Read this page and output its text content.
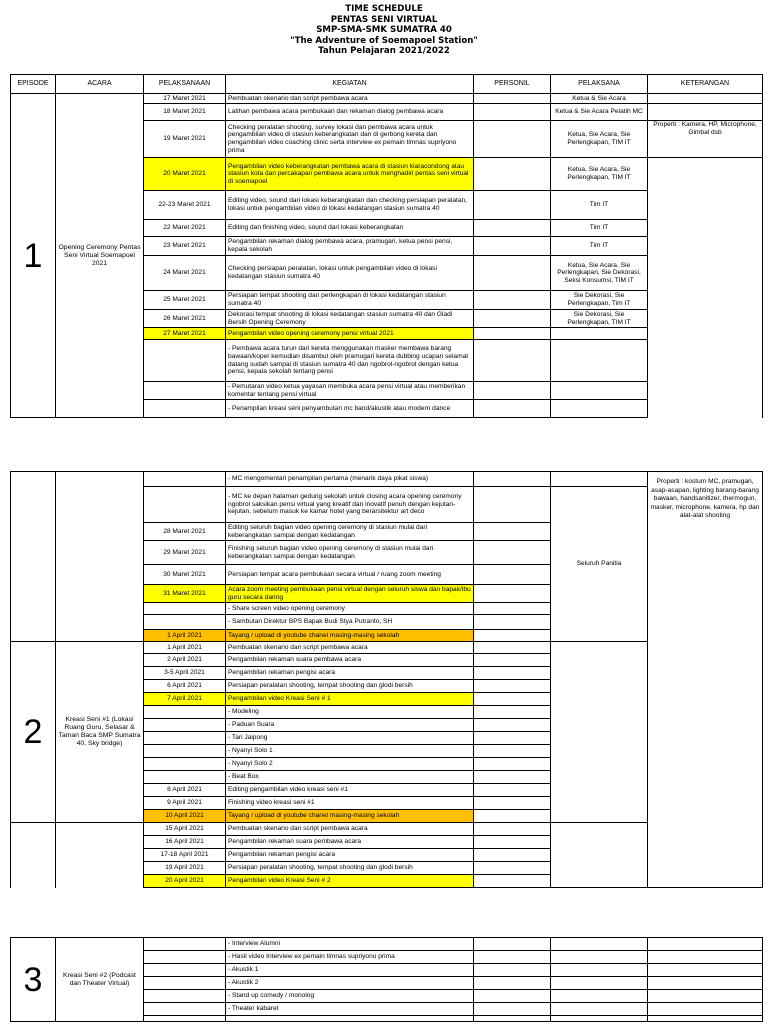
TIME SCHEDULE
PENTAS SENI VIRTUAL
SMP-SMA-SMK SUMATRA 40
"The Adventure of Soemapoel Station"
Tahun Pelajaran 2021/2022
EPISODE	ACARA	PELAKSANAAN	KEGIATAN	PERSONIL	PELAKSANA	KETERANGAN
1	Opening Ceremony Pentas Seni Virtual Soemapoel 2021	17 Maret 2021	Pembuatan skenario dan script pembawa acara		Ketua & Sie Acara	
		18 Maret 2021	Latihan pembawa acara pembukaan dan rekaman dialog pembawa acara		Ketua & Sie Acara Pelatih MC	
		19 Maret 2021	Checking peralatan shooting, survey lokasi dan pembawa acara untuk pengambilan video di stasiun keberangkatan dan di gerbong kereta dan pengambilan video coaching clinic serta interview ex pemain timnas supriyono prima		Ketua, Sie Acara, Sie Perlengkapan, TIM IT	Properti : Kamera, HP, Microphone, Gimbal dsb
		20 Maret 2021	Pengambilan video keberangkatan pembawa acara di stasiun kiaracondong atau stasiun kota dan percakapan pembawa acara untuk menghadiri pentas seni virtual di soemapoel		Ketua, Sie Acara, Sie Perlengkapan, TIM IT	
		22-23 Maret 2021	Editing video, sound dari lokasi keberangkatan dan checking persiapan peralatan, lokasi untuk pengambilan video di lokasi kedatangan stasiun sumatra 40		Tim IT	
		22 Maret 2021	Editing dan finishing video, sound dari lokasi keberangkatan		Tim IT	
		23 Maret 2021	Pengambilan rekaman dialog pembawa acara, pramugari, ketua pensi pensi, kepala sekolah		Tim IT	
		24 Maret 2021	Checking persiapan peralatan, lokasi untuk pengambilan video di lokasi kedatangan stasiun sumatra 40		Ketua, Sie Acara, Sie Perlengkapan, Sie Dekorasi, Seksi Konsumsi, TIM IT	
		25 Maret 2021	Persiapan tempat shooting dan perlengkapan di lokasi kedatangan stasiun sumatra 40		Sie Dekorasi, Sie Perlengkapan, Tim IT	
		26 Maret 2021	Dekorasi tempat shooting di lokasi kedatangan stasiun sumatra 40 dan Gladi Bersih Opening Ceremony		Sie Dekorasi, Sie Perlengkapan, TIM IT	
		27 Maret 2021	Pengambilan video opening ceremony pensi virtual 2021			
			- Pembawa acara turun dari kereta menggunakan masker membawa barang bawaan/koper kemudian disambut oleh pramugari kereta dubbing ucapan selamat datang sudah sampai di stasiun sumatra 40 dan ngobrol-ngobrol dengan ketua pensi, kepala sekolah tentang pensi			
			- Pemutaran video ketua yayasan membuka acara pensi virtual atau memberikan komentar tentang pensi virtual			
			- Penampilan kreasi seni penyambutan mc band/akustik atau modern dance			
			- MC mengomentari penampilan pertama (menarik daya pikat siswa)			Properti : kostum MC, pramugari, asap-asapan, lighting barang-barang bawaan, handsanitizer, thermogun, masker, microphone, kamera, hp dan alat-alat shooting
			- MC ke depan halaman gedung sekolah untuk closing acara opening ceremony ngobrol saksikan pensi virtual yang kreatif dan inovatif penuh dengan kejutan-kejutan, sebelum masuk ke kamar hotel yang berarsitektur art deco		Seluruh Panitia	
		28 Maret 2021	Editing seluruh bagian video opening ceremony di stasiun mulai dari keberangkatan sampai dengan kedatangan			
		29 Maret 2021	Finishing seluruh bagian video opening ceremony di stasiun mulai dari keberangkatan sampai dengan kedatangan			
		30 Maret 2021	Persiapan tempat acara pembukaan secara virtual / ruang zoom meeting			
		31 Maret 2021	Acara zoom meeting pembukaan pensi virtual dengan seluruh siswa dan bapak/ibu guru secara daring			
			- Share screen video opening ceremony			
			- Sambutan Direktur BPS Bapak Budi Stya Putranto, SH			
		1 April 2021	Tayang / upload di youtube chanel masing-masing sekolah			
2	Kreasi Seni #1 (Lokasi Ruang Guru, Selasar & Taman Baca SMP Sumatra 40, Sky bridge)	1 April 2021	Pembuatan skenario dan script pembawa acara			
		2 April 2021	Pengambilan rekaman suara pembawa acara			
		3-5 April 2021	Pengambilan rekaman pengisi acara			
		6 April 2021	Persiapan peralatan shooting, tempat shooting dan glodi bersih			
		7 April 2021	Pengambilan video Kreasi Seni # 1			
			- Modeling			
			- Paduan Suara			
			- Tari Jaipong			
			- Nyanyi Solo 1			
			- Nyanyi Solo 2			
			- Beat Box			
		8 April 2021	Editing pengambilan video kreasi seni #1			
		9 April 2021	Finishing video kreasi seni #1			
		10 April 2021	Tayang / upload di youtube chanel masing-masing sekolah			
		15 April 2021	Pembuatan skenario dan script pembawa acara			
		16 April 2021	Pengambilan rekaman suara pembawa acara			
		17-18 April 2021	Pengambilan rekaman pengisi acara			
		19 April 2021	Persiapan peralatan shooting, tempat shooting dan glodi bersih			
		20 April 2021	Pengambilan video Kreasi Seni # 2			
3	Kreasi Seni #2 (Podcast dan Theater Virtual)		- Interview Alumni			
			- Hasil video Interview ex pemain timnas supriyono prima			
			- Akustik 1			
			- Akustik 2			
			- Stand up comedy / monolog			
			- Theater kabaret			
